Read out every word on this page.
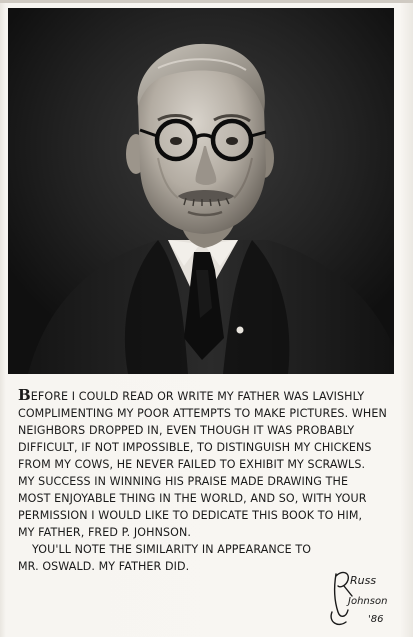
BEFORE I COULD READ OR WRITE MY FATHER WAS LAVISHLY
COMPLIMENTING MY POOR ATTEMPTS TO MAKE PICTURES. WHEN
NEIGHBORS DROPPED IN, EVEN THOUGH IT WAS PROBABLY
DIFFICULT, IF NOT IMPOSSIBLE, TO DISTINGUISH MY CHICKENS
FROM MY COWS, HE NEVER FAILED TO EXHIBIT MY SCRAWLS.
MY SUCCESS IN WINNING HIS PRAISE MADE DRAWING THE
MOST ENJOYABLE THING IN THE WORLD, AND SO, WITH YOUR
PERMISSION I WOULD LIKE TO DEDICATE THIS BOOK TO HIM,
MY FATHER, FRED P. JOHNSON.
YOU'LL NOTE THE SIMILARITY IN APPEARANCE TO
MR. OSWALD. MY FATHER DID.
Russ
Johnson
'86
